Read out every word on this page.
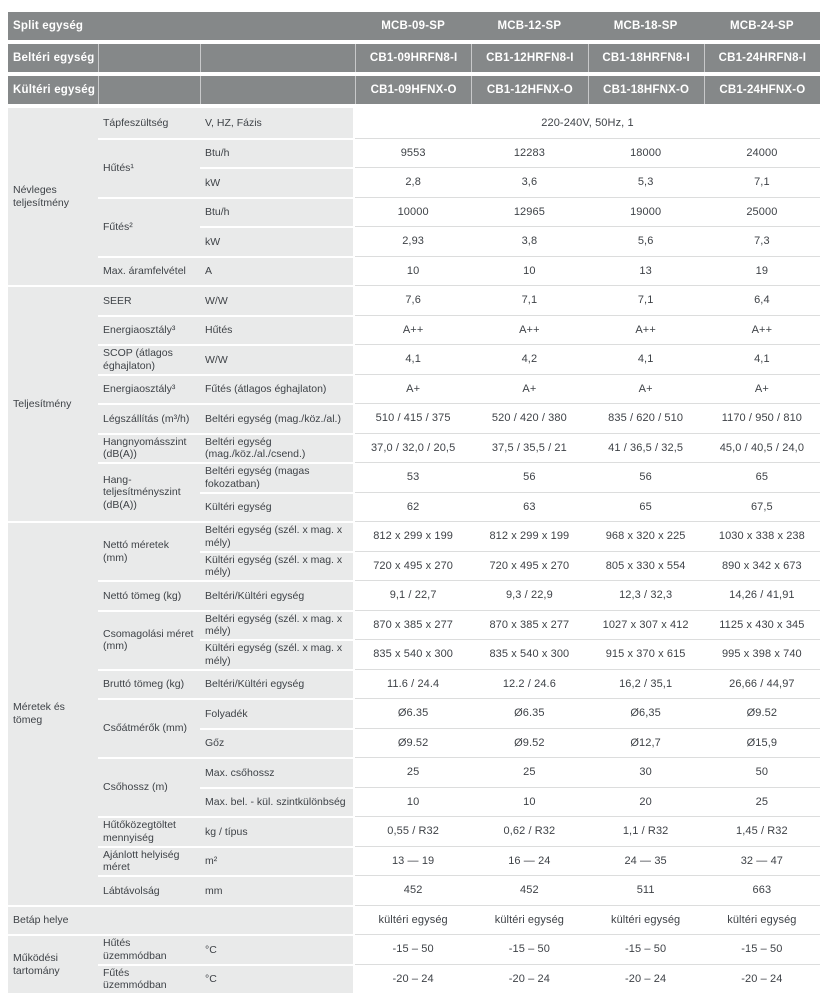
Split egység	MCB-09-SP	MCB-12-SP	MCB-18-SP	MCB-24-SP
Beltéri egység	CB1-09HRFN8-I	CB1-12HRFN8-I	CB1-18HRFN8-I	CB1-24HRFN8-I
Kültéri egység	CB1-09HFNX-O	CB1-12HFNX-O	CB1-18HFNX-O	CB1-24HFNX-O
Névleges teljesítmény
Tápfeszültség	V, HZ, Fázis	220-240V, 50Hz, 1
Hűtés¹
Btu/h	9553	12283	18000	24000
kW	2,8	3,6	5,3	7,1
Fűtés²
Btu/h	10000	12965	19000	25000
kW	2,93	3,8	5,6	7,3
Max. áramfelvétel	A	10	10	13	19
Teljesítmény
SEER	W/W	7,6	7,1	7,1	6,4
Energiaosztály³	Hűtés	A++	A++	A++	A++
SCOP (átlagos éghajlaton)
W/W	4,1	4,2	4,1	4,1
Energiaosztály³	Fűtés (átlagos éghajlaton)	A+	A+	A+	A+
Légszállítás (m³/h)	Beltéri egység (mag./köz./al.)	510 / 415 / 375	520 / 420 / 380	835 / 620 / 510	1170 / 950 / 810
Hangnyomásszint (dB(A))
Beltéri egység (mag./köz./al./csend.)
37,0 / 32,0 / 20,5	37,5 / 35,5 / 21	41 / 36,5 / 32,5	45,0 / 40,5 / 24,0
Hang-teljesítményszint (dB(A))
Beltéri egység (magas fokozatban)
53	56	56	65
Kültéri egység	62	63	65	67,5
Méretek és tömeg
Nettó méretek (mm)
Beltéri egység (szél. x mag. x mély)
812 x 299 x 199	812 x 299 x 199	968 x 320 x 225	1030 x 338 x 238
Kültéri egység (szél. x mag. x mély)
720 x 495 x 270	720 x 495 x 270	805 x 330 x 554	890 x 342 x 673
Nettó tömeg (kg)	Beltéri/Kültéri egység	9,1 / 22,7	9,3 / 22,9	12,3 / 32,3	14,26 / 41,91
Csomagolási méret (mm)
Beltéri egység (szél. x mag. x mély)
870 x 385 x 277	870 x 385 x 277	1027 x 307 x 412	1125 x 430 x 345
Kültéri egység (szél. x mag. x mély)
835 x 540 x 300	835 x 540 x 300	915 x 370 x 615	995 x 398 x 740
Bruttó tömeg (kg)	Beltéri/Kültéri egység	11.6 / 24.4	12.2 / 24.6	16,2 / 35,1	26,66 / 44,97
Csőátmérők (mm)
Folyadék	Ø6.35	Ø6.35	Ø6,35	Ø9.52
Gőz	Ø9.52	Ø9.52	Ø12,7	Ø15,9
Csőhossz (m)
Max. csőhossz	25	25	30	50
Max. bel. - kül. szintkülönbség	10	10	20	25
Hűtőközegtöltet mennyiség
kg / típus	0,55 / R32	0,62 / R32	1,1 / R32	1,45 / R32
Ajánlott helyiség méret
m²	13 — 19	16 — 24	24 — 35	32 — 47
Lábtávolság	mm	452	452	511	663
Betáp helye	kültéri egység	kültéri egység	kültéri egység	kültéri egység
Működési tartomány
Hűtés üzemmódban
°C	-15 – 50	-15 – 50	-15 – 50	-15 – 50
Fűtés üzemmódban
°C	-20 – 24	-20 – 24	-20 – 24	-20 – 24
